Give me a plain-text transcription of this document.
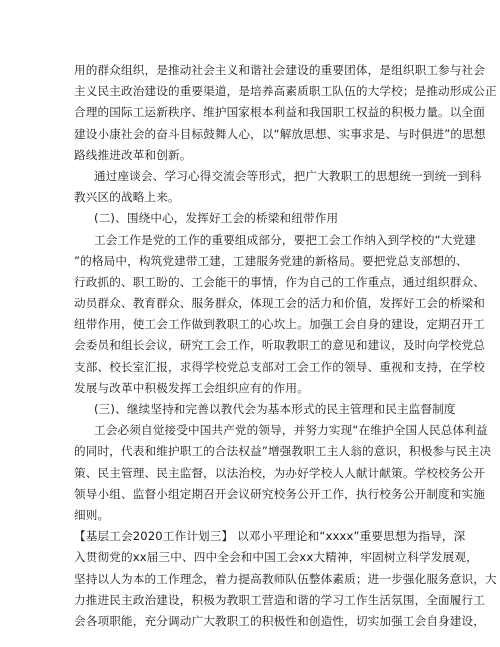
用的群众组织，是推动社会主义和谐社会建设的重要团体，是组织职工参与社会
主义民主政治建设的重要渠道，是培养高素质职工队伍的大学校；是推动形成公正
合理的国际工运新秩序、维护国家根本利益和我国职工权益的积极力量。以全面
建设小康社会的奋斗目标鼓舞人心，以“解放思想、实事求是、与时俱进”的思想
路线推进改革和创新。
通过座谈会、学习心得交流会等形式，把广大教职工的思想统一到统一到科
教兴区的战略上来。
(二)、围绕中心，发挥好工会的桥梁和纽带作用
工会工作是党的工作的重要组成部分，要把工会工作纳入到学校的“大党建
”的格局中，构筑党建带工建，工建服务党建的新格局。要把党总支部想的、
行政抓的、职工盼的、工会能干的事情，作为自己的工作重点，通过组织群众、
动员群众、教育群众、服务群众，体现工会的活力和价值，发挥好工会的桥梁和
纽带作用，使工会工作做到教职工的心坎上。加强工会自身的建设，定期召开工
会委员和组长会议，研究工会工作，听取教职工的意见和建议，及时向学校党总
支部、校长室汇报，求得学校党总支部对工会工作的领导、重视和支持，在学校
发展与改革中积极发挥工会组织应有的作用。
(三)、继续坚持和完善以教代会为基本形式的民主管理和民主监督制度
工会必须自觉接受中国共产党的领导，并努力实现“在维护全国人民总体利益
的同时，代表和维护职工的合法权益”增强教职工主人翁的意识，积极参与民主决
策、民主管理、民主监督，以法治校，为办好学校人人献计献策。学校校务公开
领导小组、监督小组定期召开会议研究校务公开工作，执行校务公开制度和实施
细则。
【基层工会2020工作计划三】 以邓小平理论和“xxxx”重要思想为指导，深
入贯彻党的xx届三中、四中全会和中国工会xx大精神，牢固树立科学发展观，
坚持以人为本的工作理念，着力提高教师队伍整体素质；进一步强化服务意识，大
力推进民主政治建设，积极为教职工营造和谐的学习工作生活氛围，全面履行工
会各项职能，充分调动广大教职工的积极性和创造性，切实加强工会自身建设，
